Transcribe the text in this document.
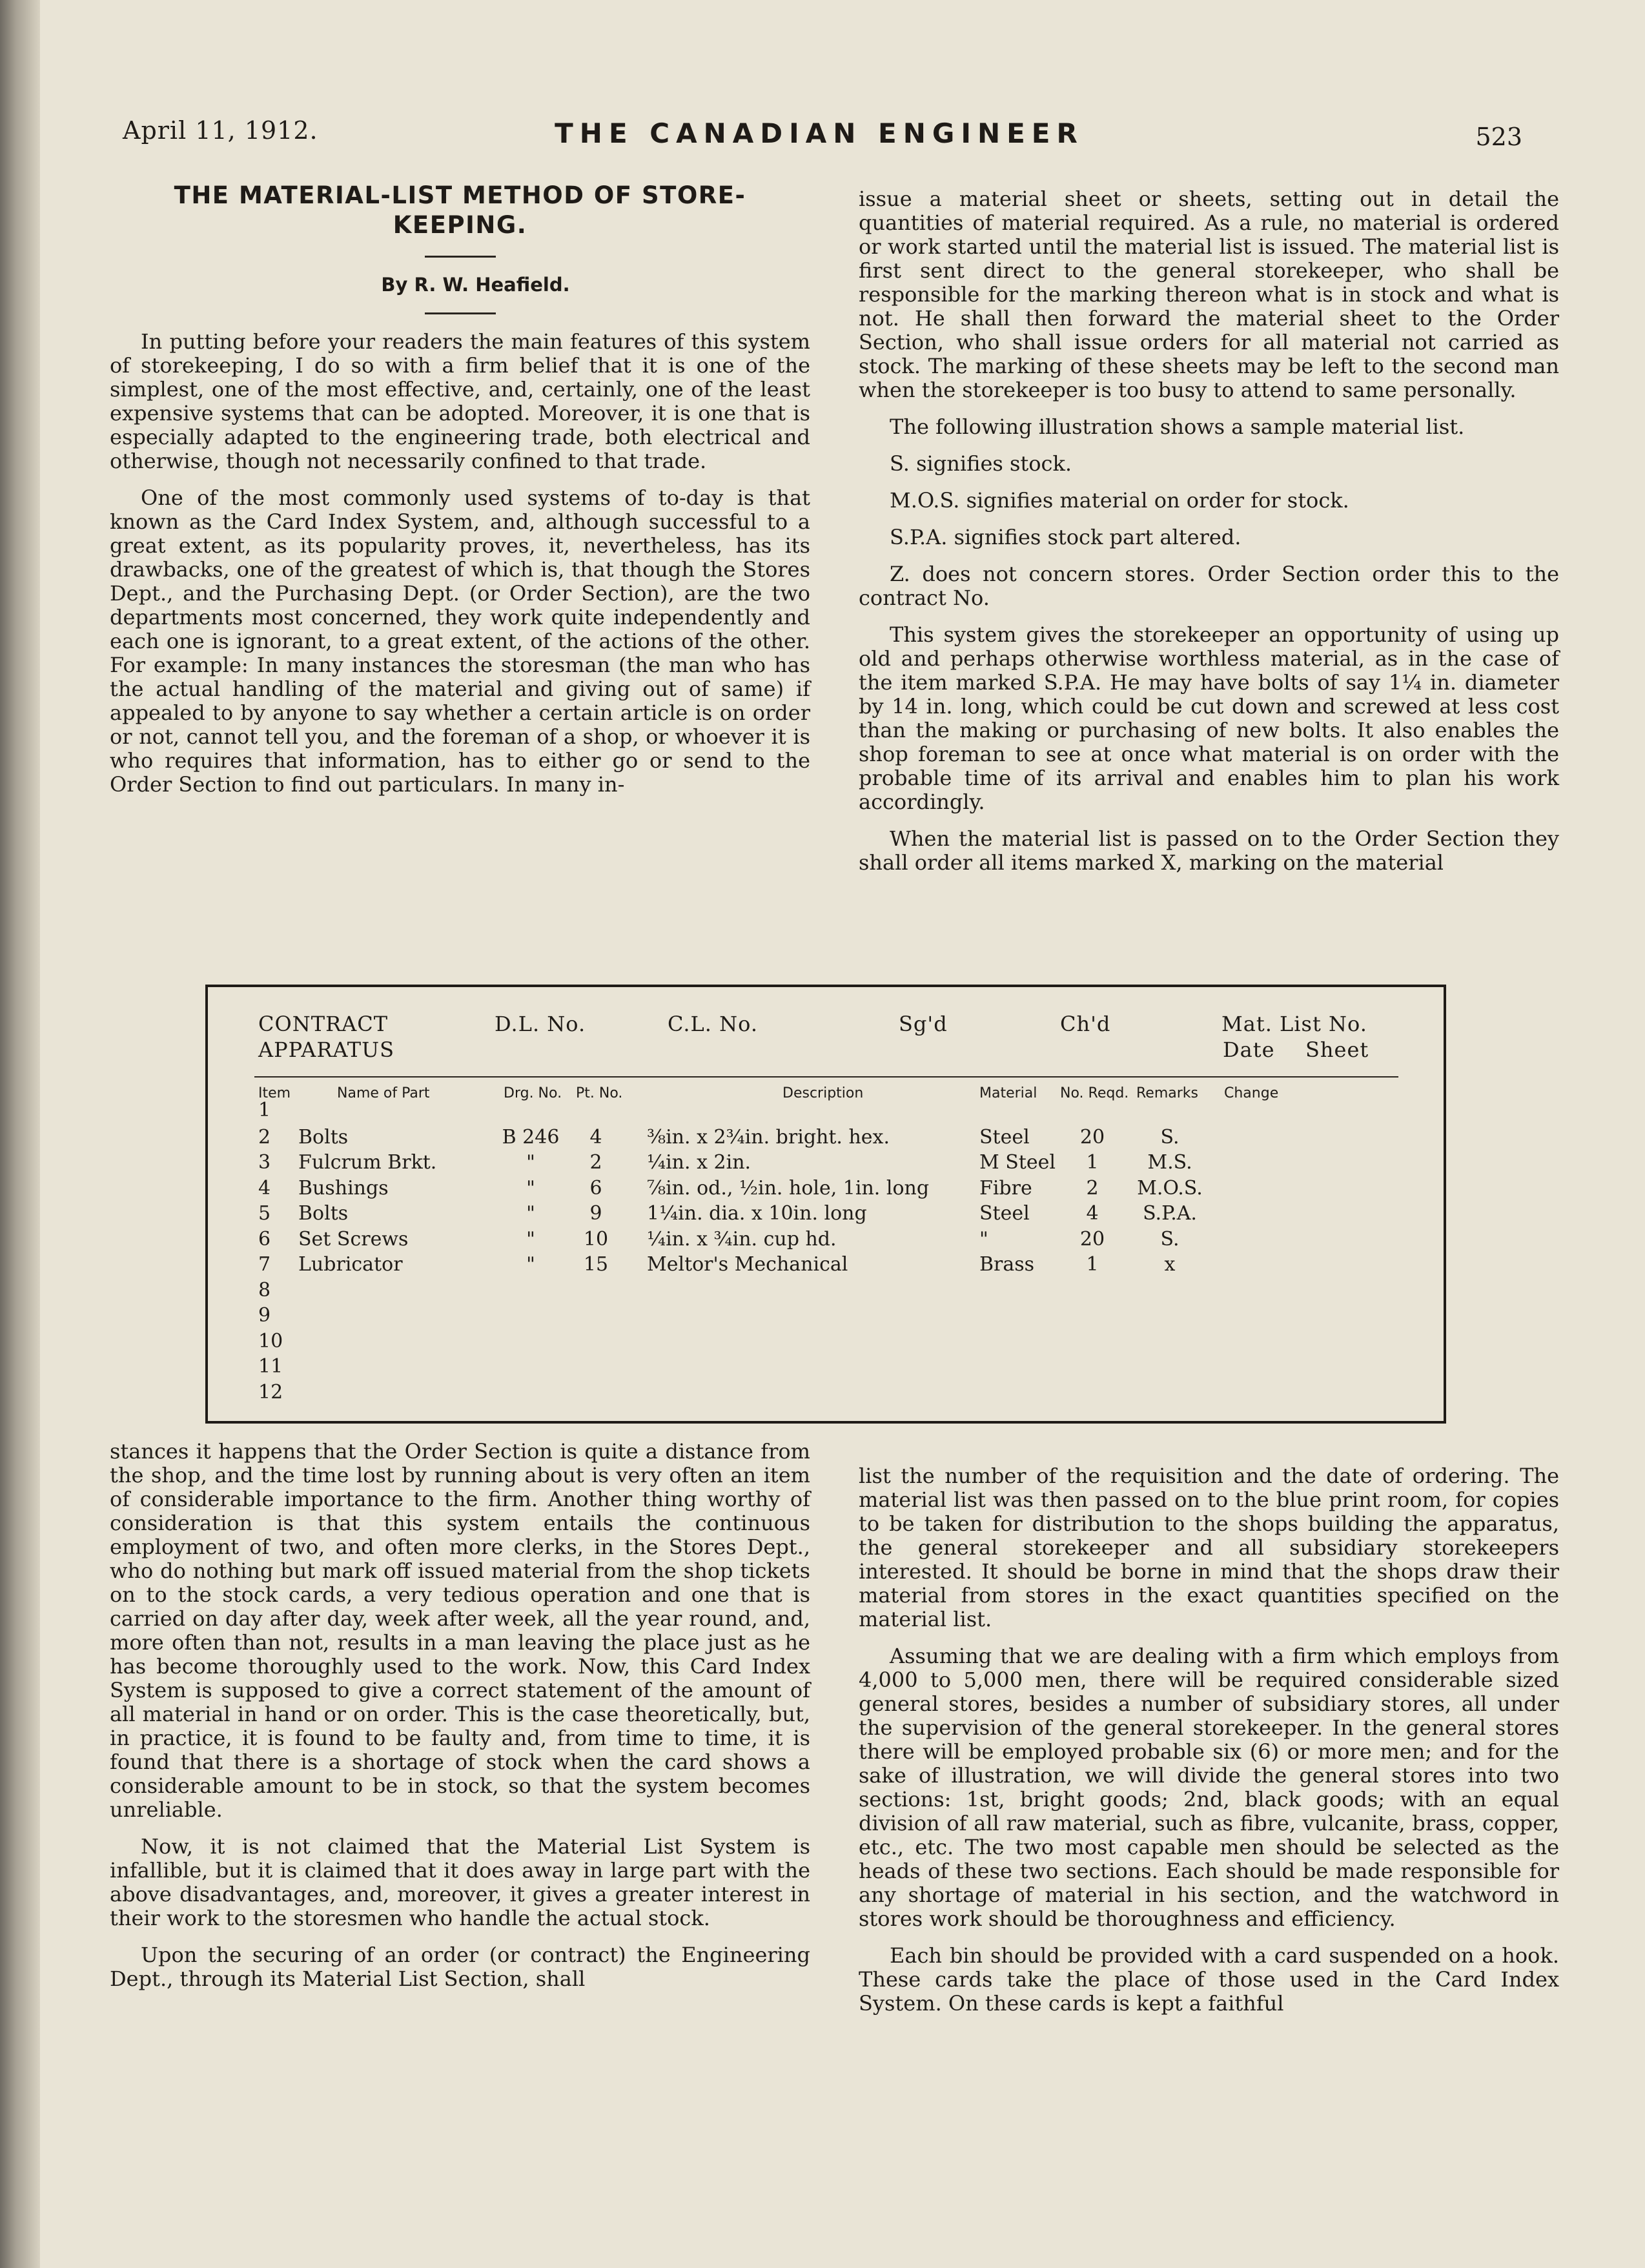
April 11, 1912.	THE CANADIAN ENGINEER	523
THE MATERIAL-LIST METHOD OF STORE-
KEEPING.

By R. W. Heafield.

In putting before your readers the main features of this system of storekeeping, I do so with a firm belief that it is one of the simplest, one of the most effective, and, certainly, one of the least expensive systems that can be adopted. Moreover, it is one that is especially adapted to the engineering trade, both electrical and otherwise, though not necessarily confined to that trade.

One of the most commonly used systems of to-day is that known as the Card Index System, and, although successful to a great extent, as its popularity proves, it, nevertheless, has its drawbacks, one of the greatest of which is, that though the Stores Dept., and the Purchasing Dept. (or Order Section), are the two departments most concerned, they work quite independently and each one is ignorant, to a great extent, of the actions of the other. For example: In many instances the storesman (the man who has the actual handling of the material and giving out of same) if appealed to by anyone to say whether a certain article is on order or not, cannot tell you, and the foreman of a shop, or whoever it is who requires that information, has to either go or send to the Order Section to find out particulars. In many in-

issue a material sheet or sheets, setting out in detail the quantities of material required. As a rule, no material is ordered or work started until the material list is issued. The material list is first sent direct to the general storekeeper, who shall be responsible for the marking thereon what is in stock and what is not. He shall then forward the material sheet to the Order Section, who shall issue orders for all material not carried as stock. The marking of these sheets may be left to the second man when the storekeeper is too busy to attend to same personally.

The following illustration shows a sample material list.

S. signifies stock.

M.O.S. signifies material on order for stock.

S.P.A. signifies stock part altered.

Z. does not concern stores. Order Section order this to the contract No.

This system gives the storekeeper an opportunity of using up old and perhaps otherwise worthless material, as in the case of the item marked S.P.A. He may have bolts of say 1¼ in. diameter by 14 in. long, which could be cut down and screwed at less cost than the making or purchasing of new bolts. It also enables the shop foreman to see at once what material is on order with the probable time of its arrival and enables him to plan his work accordingly.

When the material list is passed on to the Order Section they shall order all items marked X, marking on the material

CONTRACT
APPARATUS
D.L. No.	C.L. No.	Sg'd	Ch'd	Mat. List No.
Date Sheet
Item	Name of Part	Drg. No. Pt. No.	Description	Material No. Reqd. Remarks Change
1
2	Bolts	B 246	4	⅜in. x 2¾in. bright. hex.	Steel	20	S.
3	Fulcrum Brkt.	"	2	¼in. x 2in.	M Steel	1	M.S.
4	Bushings	"	6	⅞in. od., ½in. hole, 1in. long	Fibre	2	M.O.S.
5	Bolts	"	9	1¼in. dia. x 10in. long	Steel	4	S.P.A.
6	Set Screws	"	10	¼in. x ¾in. cup hd.	"	20	S.
7	Lubricator	"	15	Meltor's Mechanical	Brass	1	x
8
9
10
11
12

stances it happens that the Order Section is quite a distance from the shop, and the time lost by running about is very often an item of considerable importance to the firm. Another thing worthy of consideration is that this system entails the continuous employment of two, and often more clerks, in the Stores Dept., who do nothing but mark off issued material from the shop tickets on to the stock cards, a very tedious operation and one that is carried on day after day, week after week, all the year round, and, more often than not, results in a man leaving the place just as he has become thoroughly used to the work. Now, this Card Index System is supposed to give a correct statement of the amount of all material in hand or on order. This is the case theoretically, but, in practice, it is found to be faulty and, from time to time, it is found that there is a shortage of stock when the card shows a considerable amount to be in stock, so that the system becomes unreliable.

Now, it is not claimed that the Material List System is infallible, but it is claimed that it does away in large part with the above disadvantages, and, moreover, it gives a greater interest in their work to the storesmen who handle the actual stock.

Upon the securing of an order (or contract) the Engineering Dept., through its Material List Section, shall

list the number of the requisition and the date of ordering. The material list was then passed on to the blue print room, for copies to be taken for distribution to the shops building the apparatus, the general storekeeper and all subsidiary storekeepers interested. It should be borne in mind that the shops draw their material from stores in the exact quantities specified on the material list.

Assuming that we are dealing with a firm which employs from 4,000 to 5,000 men, there will be required considerable sized general stores, besides a number of subsidiary stores, all under the supervision of the general storekeeper. In the general stores there will be employed probable six (6) or more men; and for the sake of illustration, we will divide the general stores into two sections: 1st, bright goods; 2nd, black goods; with an equal division of all raw material, such as fibre, vulcanite, brass, copper, etc., etc. The two most capable men should be selected as the heads of these two sections. Each should be made responsible for any shortage of material in his section, and the watchword in stores work should be thoroughness and efficiency.

Each bin should be provided with a card suspended on a hook. These cards take the place of those used in the Card Index System. On these cards is kept a faithful
